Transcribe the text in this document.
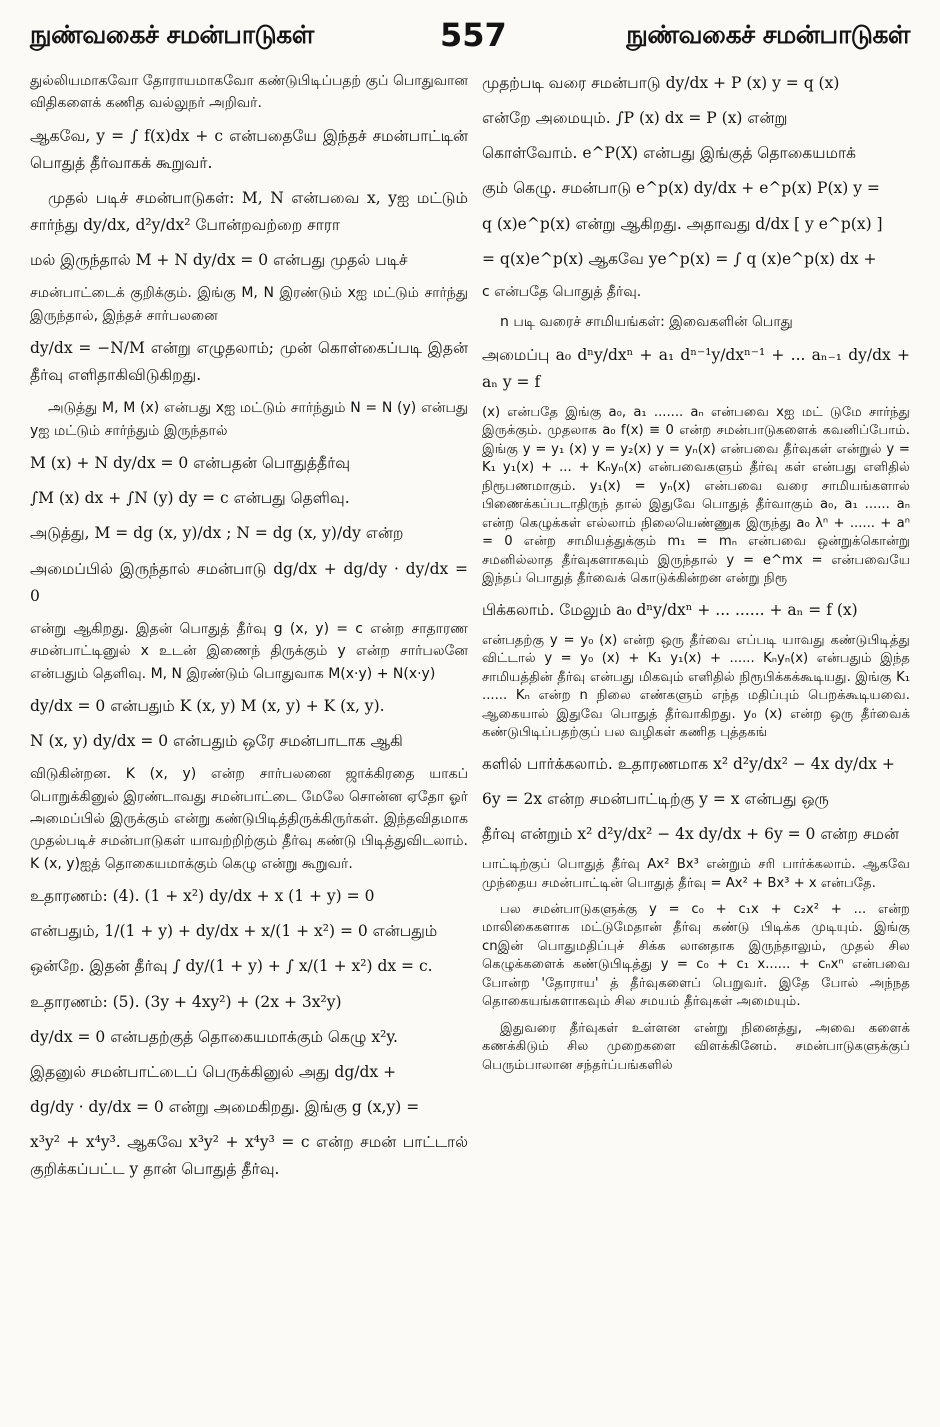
நுண்வகைச் சமன்பாடுகள்	557	நுண்வகைச் சமன்பாடுகள்

துல்லியமாகவோ தோராயமாகவோ கண்டுபிடிப்பதற் குப் பொதுவான விதிகளைக் கணித வல்லுநர் அறிவர்.

ஆகவே, y = ∫ f(x)dx + c என்பதையே இந்தச் சமன்பாட்டின் பொதுத் தீர்வாகக் கூறுவர்.

முதல் படிச் சமன்பாடுகள்: M, N என்பவை x, yஐ மட்டும் சார்ந்து dy/dx, d²y/dx² போன்றவற்றை சாரா

மல் இருந்தால் M + N dy/dx = 0 என்பது முதல் படிச்

சமன்பாட்டைக் குறிக்கும். இங்கு M, N இரண்டும் xஐ மட்டும் சார்ந்து இருந்தால், இந்தச் சார்பலனை

dy/dx = −N/M என்று எழுதலாம்; முன் கொள்கைப்படி இதன் தீர்வு எளிதாகிவிடுகிறது.

அடுத்து M, M (x) என்பது xஐ மட்டும் சார்ந்தும் N = N (y) என்பது yஐ மட்டும் சார்ந்தும் இருந்தால்

M (x) + N dy/dx = 0 என்பதன் பொதுத்தீர்வு

∫M (x) dx + ∫N (y) dy = c என்பது தெளிவு.

அடுத்து, M = dg (x, y)/dx ; N = dg (x, y)/dy என்ற

அமைப்பில் இருந்தால் சமன்பாடு dg/dx + dg/dy · dy/dx = 0

என்று ஆகிறது. இதன் பொதுத் தீர்வு g (x, y) = c என்ற சாதாரண சமன்பாட்டினுல் x உடன் இணைந் திருக்கும் y என்ற சார்பலனே என்பதும் தெளிவு. M, N இரண்டும் பொதுவாக M(x·y) + N(x·y)

dy/dx = 0 என்பதும் K (x, y) M (x, y) + K (x, y).

N (x, y) dy/dx = 0 என்பதும் ஒரே சமன்பாடாக ஆகி

விடுகின்றன. K (x, y) என்ற சார்பலனை ஜாக்கிரதை யாகப் பொறுக்கினுல் இரண்டாவது சமன்பாட்டை மேலே சொன்ன ஏதோ ஓர் அமைப்பில் இருக்கும் என்று கண்டுபிடித்திருக்கிருர்கள். இந்தவிதமாக முதல்படிச் சமன்பாடுகள் யாவற்றிற்கும் தீர்வு கண்டு பிடித்துவிடலாம். K (x, y)ஐத் தொகையமாக்கும் கெழு என்று கூறுவர்.

உதாரணம்: (4). (1 + x²) dy/dx + x (1 + y) = 0

என்பதும், 1/(1 + y) + dy/dx + x/(1 + x²) = 0 என்பதும்

ஒன்றே. இதன் தீர்வு ∫ dy/(1 + y) + ∫ x/(1 + x²) dx = c.

உதாரணம்: (5). (3y + 4xy²) + (2x + 3x²y)

dy/dx = 0 என்பதற்குத் தொகையமாக்கும் கெழு x²y.

இதனுல் சமன்பாட்டைப் பெருக்கினுல் அது dg/dx +

dg/dy · dy/dx = 0 என்று அமைகிறது. இங்கு g (x,y) =

x³y² + x⁴y³. ஆகவே x³y² + x⁴y³ = c என்ற சமன் பாட்டால் குறிக்கப்பட்ட y தான் பொதுத் தீர்வு.

முதற்படி வரை சமன்பாடு dy/dx + P (x) y = q (x)

என்றே அமையும். ∫P (x) dx = P (x) என்று

கொள்வோம். e^P(X) என்பது இங்குத் தொகையமாக்

கும் கெழு. சமன்பாடு e^p(x) dy/dx + e^p(x) P(x) y =

q (x)e^p(x) என்று ஆகிறது. அதாவது d/dx [ y e^p(x) ]

= q(x)e^p(x) ஆகவே ye^p(x) = ∫ q (x)e^p(x) dx +

c என்பதே பொதுத் தீர்வு.

n படி வரைச் சாமியங்கள்: இவைகளின் பொது

அமைப்பு a₀ dⁿy/dxⁿ + a₁ dⁿ⁻¹y/dxⁿ⁻¹ + ... aₙ₋₁ dy/dx + aₙ y = f

(x) என்பதே இங்கு a₀, a₁ ....... aₙ என்பவை xஐ மட் டுமே சார்ந்து இருக்கும். முதலாக a₀ f(x) ≡ 0 என்ற சமன்பாடுகளைக் கவனிப்போம். இங்கு y = y₁ (x) y = y₂(x) y = yₙ(x) என்பவை தீர்வுகள் என்றுல் y = K₁ y₁(x) + ... + Kₙyₙ(x) என்பவைகளும் தீர்வு கள் என்பது எளிதில் நிரூபணமாகும். y₁(x) = yₙ(x) என்பவை வரை சாமியங்களால் பிணைக்கப்படாதிருந் தால் இதுவே பொதுத் தீர்வாகும் a₀, a₁ ...... aₙ என்ற கெழுக்கள் எல்லாம் நிலையெண்ணுக இருந்து a₀ λⁿ + ...... + aⁿ = 0 என்ற சாமியத்துக்கும் m₁ = mₙ என்பவை ஒன்றுக்கொன்று சமனில்லாத தீர்வுகளாகவும் இருந்தால் y = e^mx = என்பவையே இந்தப் பொதுத் தீர்வைக் கொடுக்கின்றன என்று நிரூ

பிக்கலாம். மேலும் a₀ dⁿy/dxⁿ + ... ...... + aₙ = f (x)

என்பதற்கு y = y₀ (x) என்ற ஒரு தீர்வை எப்படி யாவது கண்டுபிடித்து விட்டால் y = y₀ (x) + K₁ y₁(x) + ...... Kₙyₙ(x) என்பதும் இந்த சாமியத்தின் தீர்வு என்பது மிகவும் எளிதில் நிரூபிக்கக்கூடியது. இங்கு K₁ ...... Kₙ என்ற n நிலை எண்களும் எந்த மதிப்பும் பெறக்கூடியவை. ஆகையால் இதுவே பொதுத் தீர்வாகிறது. y₀ (x) என்ற ஒரு தீர்வைக் கண்டுபிடிப்பதற்குப் பல வழிகள் கணித புத்தகங்

களில் பார்க்கலாம். உதாரணமாக x² d²y/dx² − 4x dy/dx +

6y = 2x என்ற சமன்பாட்டிற்கு y = x என்பது ஒரு

தீர்வு என்றும் x² d²y/dx² − 4x dy/dx + 6y = 0 என்ற சமன்

பாட்டிற்குப் பொதுத் தீர்வு Ax² Bx³ என்றும் சரி பார்க்கலாம். ஆகவே முந்தைய சமன்பாட்டின் பொதுத் தீர்வு = Ax² + Bx³ + x என்பதே.

பல சமன்பாடுகளுக்கு y = c₀ + c₁x + c₂x² + ... என்ற மாலிகைகளாக மட்டுமேதான் தீர்வு கண்டு பிடிக்க முடியும். இங்கு cnஇன் பொதுமதிப்புச் சிக்க லானதாக இருந்தாலும், முதல் சில கெழுக்களைக் கண்டுபிடித்து y = c₀ + c₁ x...... + cₙxⁿ என்பவை போன்ற 'தோராய' த் தீர்வுகளைப் பெறுவர். இதே போல் அந்நத தொகையங்களாகவும் சில சமயம் தீர்வுகள் அமையும்.

இதுவரை தீர்வுகள் உள்ளன என்று நினைத்து, அவை களைக் கணக்கிடும் சில முறைகளை விளக்கினேம். சமன்பாடுகளுக்குப் பெரும்பாலான சந்தர்ப்பங்களில்
